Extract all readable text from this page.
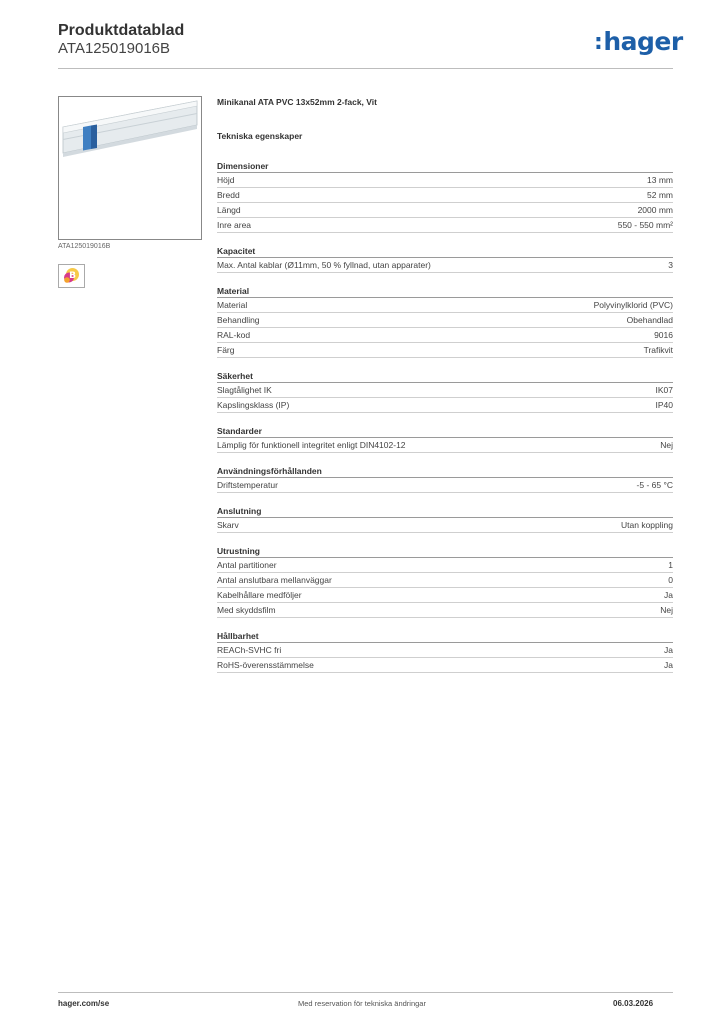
Produktdatablad
ATA125019016B	:hager
ATA125019016B
B
Minikanal ATA PVC 13x52mm 2-fack, Vit
Tekniska egenskaper
Dimensioner
Höjd	13 mm
Bredd	52 mm
Längd	2000 mm
Inre area	550 - 550 mm²
Kapacitet
Max. Antal kablar (Ø11mm, 50 % fyllnad, utan apparater)	3
Material
Material	Polyvinylklorid (PVC)
Behandling	Obehandlad
RAL-kod	9016
Färg	Trafikvit
Säkerhet
Slagtålighet IK	IK07
Kapslingsklass (IP)	IP40
Standarder
Lämplig för funktionell integritet enligt DIN4102-12	Nej
Användningsförhållanden
Driftstemperatur	-5 - 65 °C
Anslutning
Skarv	Utan koppling
Utrustning
Antal partitioner	1
Antal anslutbara mellanväggar	0
Kabelhållare medföljer	Ja
Med skyddsfilm	Nej
Hållbarhet
REACh-SVHC fri	Ja
RoHS-överensstämmelse	Ja
hager.com/se	Med reservation för tekniska ändringar	06.03.2026
